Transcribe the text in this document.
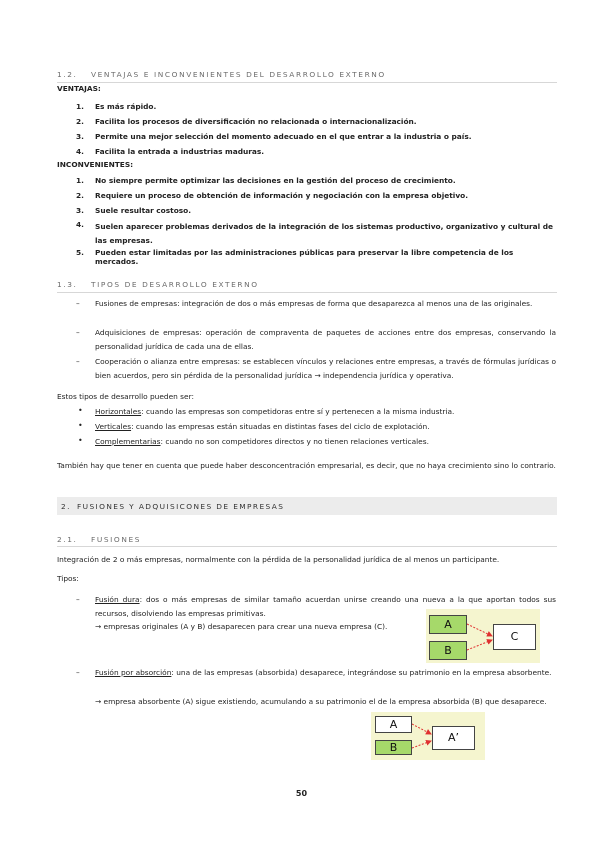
1.2. VENTAJAS E INCONVENIENTES DEL DESARROLLO EXTERNO
VENTAJAS:
1. Es más rápido.
2. Facilita los procesos de diversificación no relacionada o internacionalización.
3. Permite una mejor selección del momento adecuado en el que entrar a la industria o país.
4. Facilita la entrada a industrias maduras.
INCONVENIENTES:
1. No siempre permite optimizar las decisiones en la gestión del proceso de crecimiento.
2. Requiere un proceso de obtención de información y negociación con la empresa objetivo.
3. Suele resultar costoso.
4. Suelen aparecer problemas derivados de la integración de los sistemas productivo, organizativo y cultural de las empresas.
5. Pueden estar limitadas por las administraciones públicas para preservar la libre competencia de los mercados.
1.3. TIPOS DE DESARROLLO EXTERNO
– Fusiones de empresas: integración de dos o más empresas de forma que desaparezca al menos una de las originales.
– Adquisiciones de empresas: operación de compraventa de paquetes de acciones entre dos empresas, conservando la personalidad jurídica de cada una de ellas.
– Cooperación o alianza entre empresas: se establecen vínculos y relaciones entre empresas, a través de fórmulas jurídicas o bien acuerdos, pero sin pérdida de la personalidad jurídica → independencia jurídica y operativa.
Estos tipos de desarrollo pueden ser:
• Horizontales: cuando las empresas son competidoras entre sí y pertenecen a la misma industria.
• Verticales: cuando las empresas están situadas en distintas fases del ciclo de explotación.
• Complementarias: cuando no son competidores directos y no tienen relaciones verticales.
También hay que tener en cuenta que puede haber desconcentración empresarial, es decir, que no haya crecimiento sino lo contrario.
2. FUSIONES Y ADQUISICONES DE EMPRESAS
2.1. FUSIONES
Integración de 2 o más empresas, normalmente con la pérdida de la personalidad jurídica de al menos un participante.
Tipos:
– Fusión dura: dos o más empresas de similar tamaño acuerdan unirse creando una nueva a la que aportan todos sus recursos, disolviendo las empresas primitivas.
→ empresas originales (A y B) desaparecen para crear una nueva empresa (C).	A
B
C
– Fusión por absorción: una de las empresas (absorbida) desaparece, integrándose su patrimonio en la empresa absorbente.
→ empresa absorbente (A) sigue existiendo, acumulando a su patrimonio el de la empresa absorbida (B) que desaparece.
A
B
A’
50
